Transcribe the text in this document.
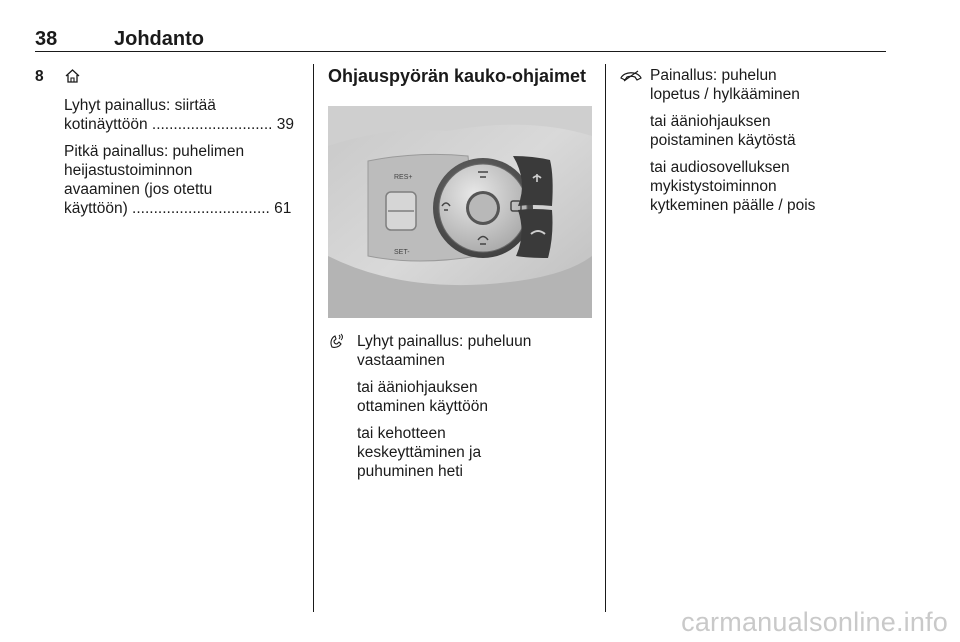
38	Johdanto
8
Lyhyt painallus: siirtää
kotinäyttöön ............................ 39
Pitkä painallus: puhelimen
heijastustoiminnon
avaaminen (jos otettu
käyttöön) ................................ 61
Ohjauspyörän kauko-ohjaimet
RES+
SET-
Lyhyt painallus: puheluun
vastaaminen
tai ääniohjauksen
ottaminen käyttöön
tai kehotteen
keskeyttäminen ja
puhuminen heti
Painallus: puhelun
lopetus / hylkääminen
tai ääniohjauksen
poistaminen käytöstä
tai audiosovelluksen
mykistystoiminnon
kytkeminen päälle / pois
carmanualsonline.info
